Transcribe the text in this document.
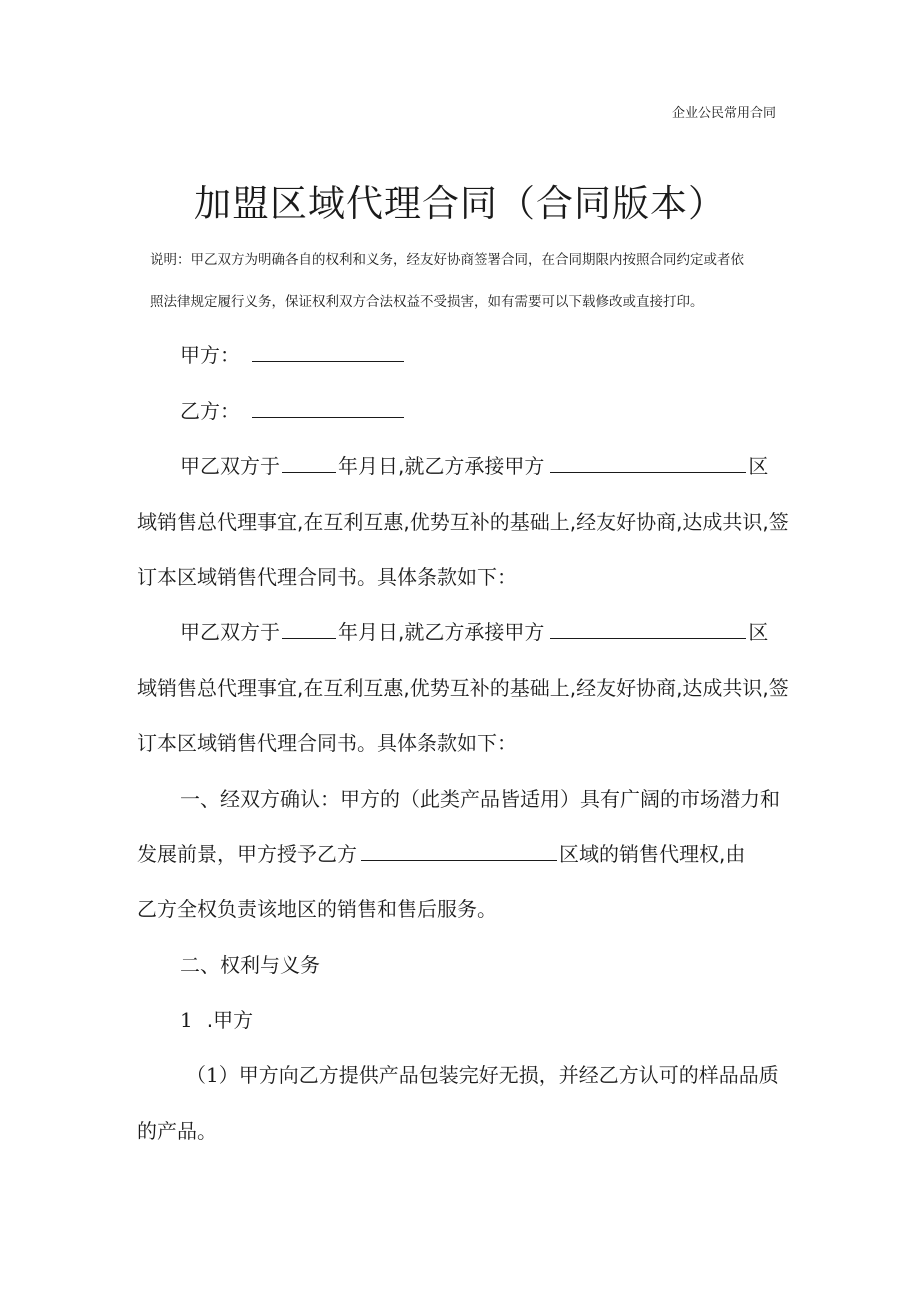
企业公民常用合同
加盟区域代理合同（合同版本）
说明：甲乙双方为明确各自的权利和义务，经友好协商签署合同，在合同期限内按照合同约定或者依
照法律规定履行义务，保证权利双方合法权益不受损害，如有需要可以下载修改或直接打印。
甲方：
乙方：
甲乙双方于	年月日,就乙方承接甲方	区
域销售总代理事宜,在互利互惠,优势互补的基础上,经友好协商,达成共识,签
订本区域销售代理合同书。具体条款如下：
甲乙双方于	年月日,就乙方承接甲方	区
域销售总代理事宜,在互利互惠,优势互补的基础上,经友好协商,达成共识,签
订本区域销售代理合同书。具体条款如下：
一、经双方确认：甲方的（此类产品皆适用）具有广阔的市场潜力和
发展前景，甲方授予乙方	区域的销售代理权,由
乙方全权负责该地区的销售和售后服务。
二、权利与义务
1 .甲方
（1）甲方向乙方提供产品包装完好无损，并经乙方认可的样品品质
的产品。
